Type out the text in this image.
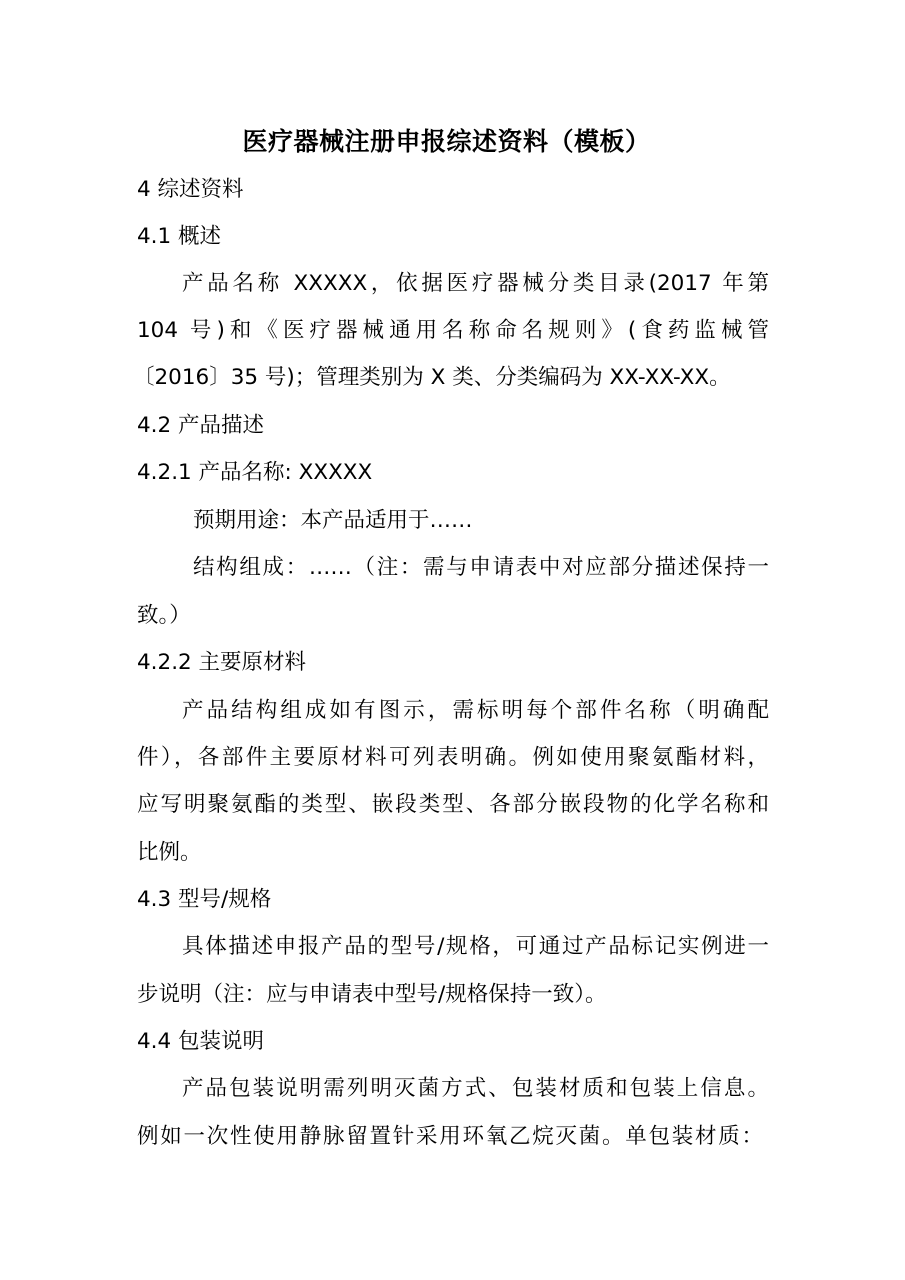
医疗器械注册申报综述资料（模板）
4 综述资料
4.1 概述
产品名称 XXXXX，依据医疗器械分类目录(2017 年第
104 号)和《医疗器械通用名称命名规则》(食药监械管
〔2016〕35 号)；管理类别为 X 类、分类编码为 XX-XX-XX。
4.2 产品描述
4.2.1 产品名称: XXXXX
预期用途：本产品适用于……
结构组成：……（注：需与申请表中对应部分描述保持一
致。）
4.2.2 主要原材料
产品结构组成如有图示，需标明每个部件名称（明确配
件），各部件主要原材料可列表明确。例如使用聚氨酯材料，
应写明聚氨酯的类型、嵌段类型、各部分嵌段物的化学名称和
比例。
4.3 型号/规格
具体描述申报产品的型号/规格，可通过产品标记实例进一
步说明（注：应与申请表中型号/规格保持一致）。
4.4 包装说明
产品包装说明需列明灭菌方式、包装材质和包装上信息。
例如一次性使用静脉留置针采用环氧乙烷灭菌。单包装材质：
